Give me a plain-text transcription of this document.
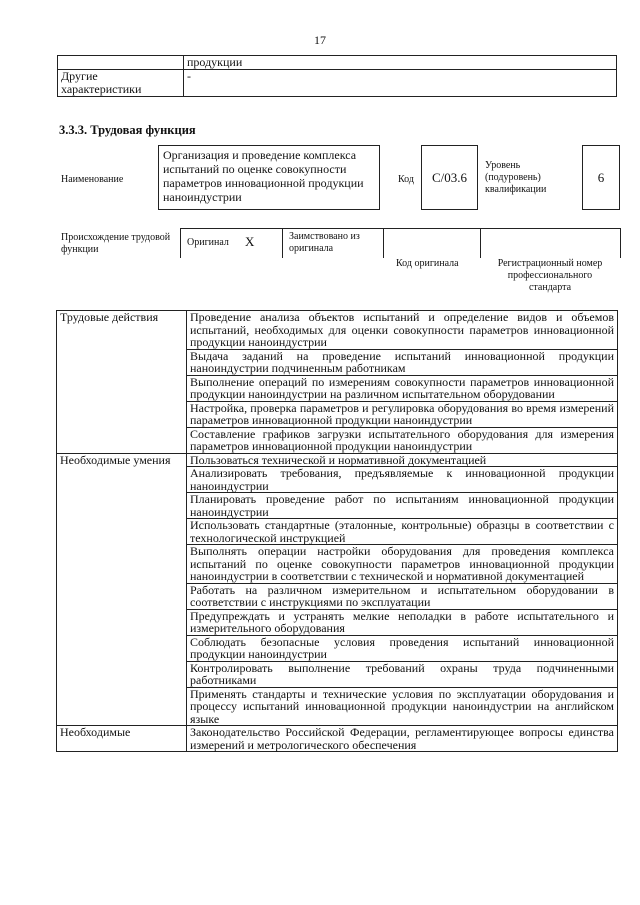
17
	продукции
Другие характеристики	-
3.3.3. Трудовая функция
Наименование
Организация и проведение комплекса испытаний по оценке совокупности параметров инновационной продукции наноиндустрии
Код	С/03.6
Уровень (подуровень) квалификации
6
Происхождение трудовой функции
Оригинал X	Заимствовано из оригинала
Код оригинала	Регистрационный номер профессионального стандарта
Трудовые действия	Проведение анализа объектов испытаний и определение видов и объемов испытаний, необходимых для оценки совокупности параметров инновационной продукции наноиндустрии
	Выдача заданий на проведение испытаний инновационной продукции наноиндустрии подчиненным работникам
	Выполнение операций по измерениям совокупности параметров инновационной продукции наноиндустрии на различном испытательном оборудовании
	Настройка, проверка параметров и регулировка оборудования во время измерений параметров инновационной продукции наноиндустрии
	Составление графиков загрузки испытательного оборудования для измерения параметров инновационной продукции наноиндустрии
Необходимые умения	Пользоваться технической и нормативной документацией
	Анализировать требования, предъявляемые к инновационной продукции наноиндустрии
	Планировать проведение работ по испытаниям инновационной продукции наноиндустрии
	Использовать стандартные (эталонные, контрольные) образцы в соответствии с технологической инструкцией
	Выполнять операции настройки оборудования для проведения комплекса испытаний по оценке совокупности параметров инновационной продукции наноиндустрии в соответствии с технической и нормативной документацией
	Работать на различном измерительном и испытательном оборудовании в соответствии с инструкциями по эксплуатации
	Предупреждать и устранять мелкие неполадки в работе испытательного и измерительного оборудования
	Соблюдать безопасные условия проведения испытаний инновационной продукции наноиндустрии
	Контролировать выполнение требований охраны труда подчиненными работниками
	Применять стандарты и технические условия по эксплуатации оборудования и процессу испытаний инновационной продукции наноиндустрии на английском языке
Необходимые	Законодательство Российской Федерации, регламентирующее вопросы единства измерений и метрологического обеспечения
